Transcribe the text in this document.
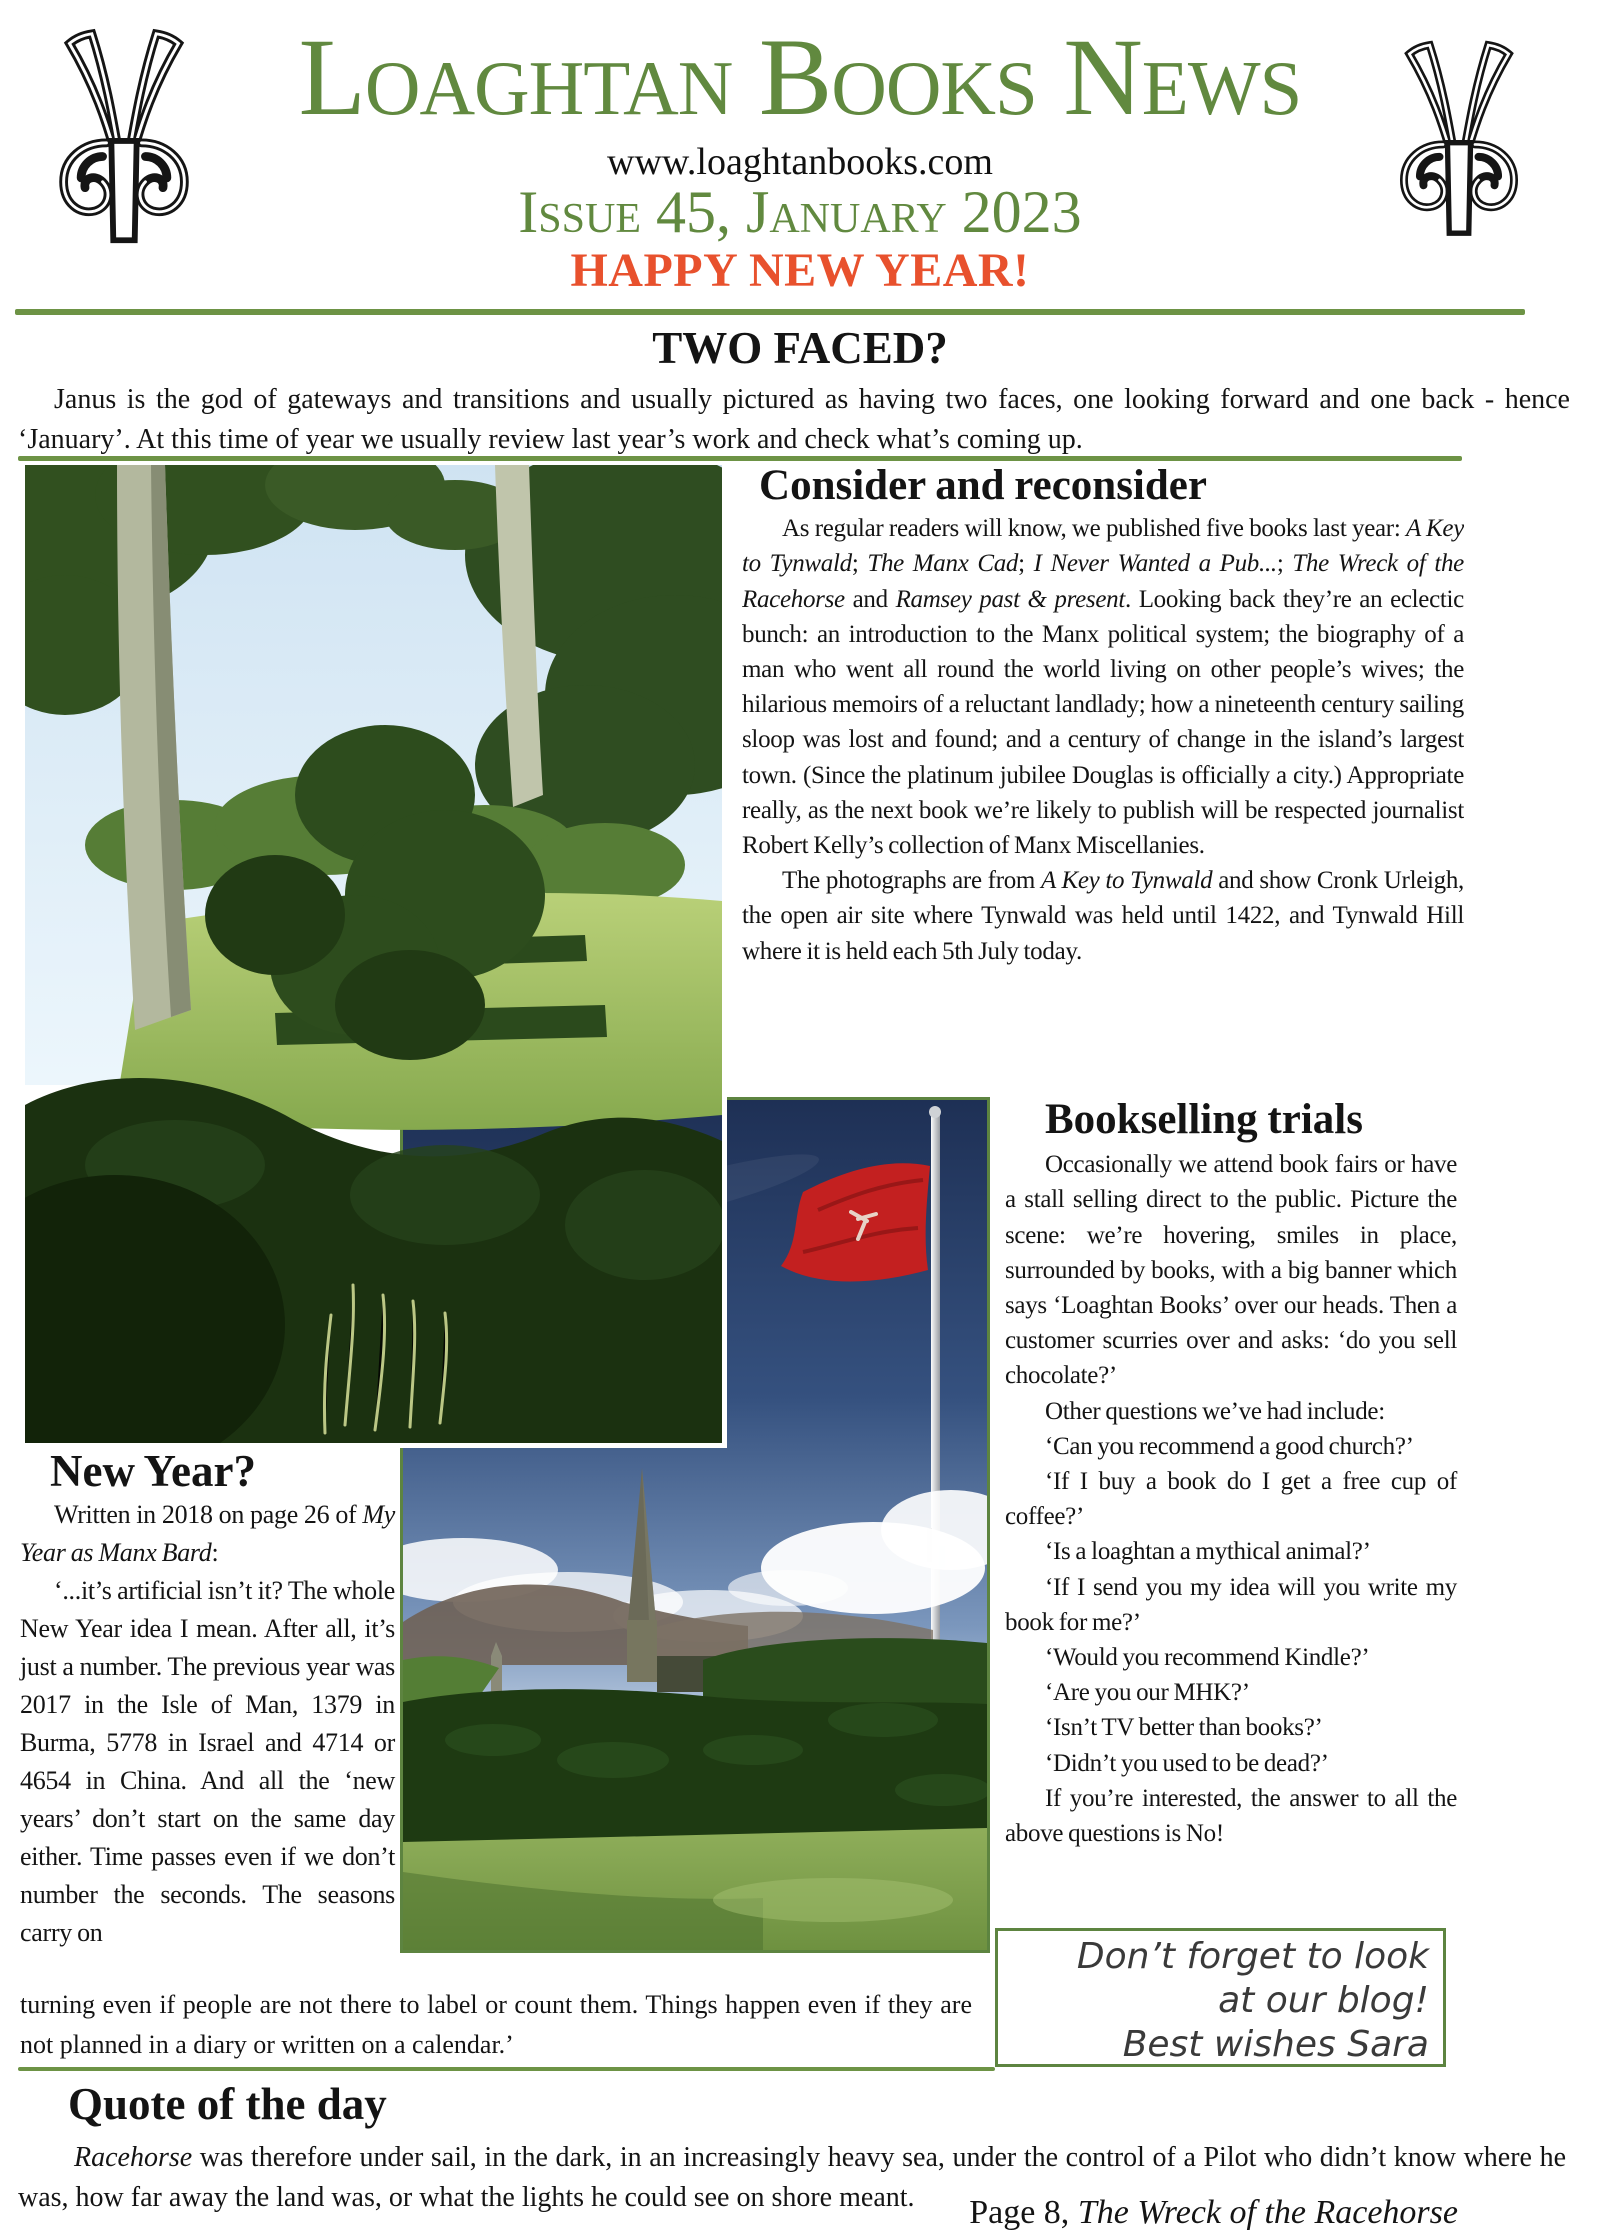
Loaghtan Books News
www.loaghtanbooks.com
Issue 45, January 2023
HAPPY NEW YEAR!
TWO FACED?
Janus is the god of gateways and transitions and usually pictured as having two faces, one looking forward and one back - hence ‘January’. At this time of year we usually review last year’s work and check what’s coming up.
Consider and reconsider

As regular readers will know, we published five books last year: A Key to Tynwald; The Manx Cad; I Never Wanted a Pub...; The Wreck of the Racehorse and Ramsey past & present. Looking back they’re an eclectic bunch: an introduction to the Manx political system; the biography of a man who went all round the world living on other people’s wives; the hilarious memoirs of a reluctant landlady; how a nineteenth century sailing sloop was lost and found; and a century of change in the island’s largest town. (Since the platinum jubilee Douglas is officially a city.) Appropriate really, as the next book we’re likely to publish will be respected journalist Robert Kelly’s collection of Manx Miscellanies.

The photographs are from A Key to Tynwald and show Cronk Urleigh, the open air site where Tynwald was held until 1422, and Tynwald Hill where it is held each 5th July today.

Bookselling trials

Occasionally we attend book fairs or have a stall selling direct to the public. Picture the scene: we’re hovering, smiles in place, surrounded by books, with a big banner which says ‘Loaghtan Books’ over our heads. Then a customer scurries over and asks: ‘do you sell chocolate?’

Other questions we’ve had include:

‘Can you recommend a good church?’

‘If I buy a book do I get a free cup of coffee?’

‘Is a loaghtan a mythical animal?’

‘If I send you my idea will you write my book for me?’

‘Would you recommend Kindle?’

‘Are you our MHK?’

‘Isn’t TV better than books?’

‘Didn’t you used to be dead?’

If you’re interested, the answer to all the above questions is No!

New Year?

Written in 2018 on page 26 of My Year as Manx Bard:

‘...it’s artificial isn’t it? The whole New Year idea I mean. After all, it’s just a number. The previous year was 2017 in the Isle of Man, 1379 in Burma, 5778 in Israel and 4714 or 4654 in China. And all the ‘new years’ don’t start on the same day either. Time passes even if we don’t number the seconds. The seasons carry on

turning even if people are not there to label or count them. Things happen even if they are not planned in a diary or written on a calendar.’
Don’t forget to look
at our blog!
Best wishes Sara
Quote of the day
Racehorse was therefore under sail, in the dark, in an increasingly heavy sea, under the control of a Pilot who didn’t know where he was, how far away the land was, or what the lights he could see on shore meant.	Page 8, The Wreck of the Racehorse
